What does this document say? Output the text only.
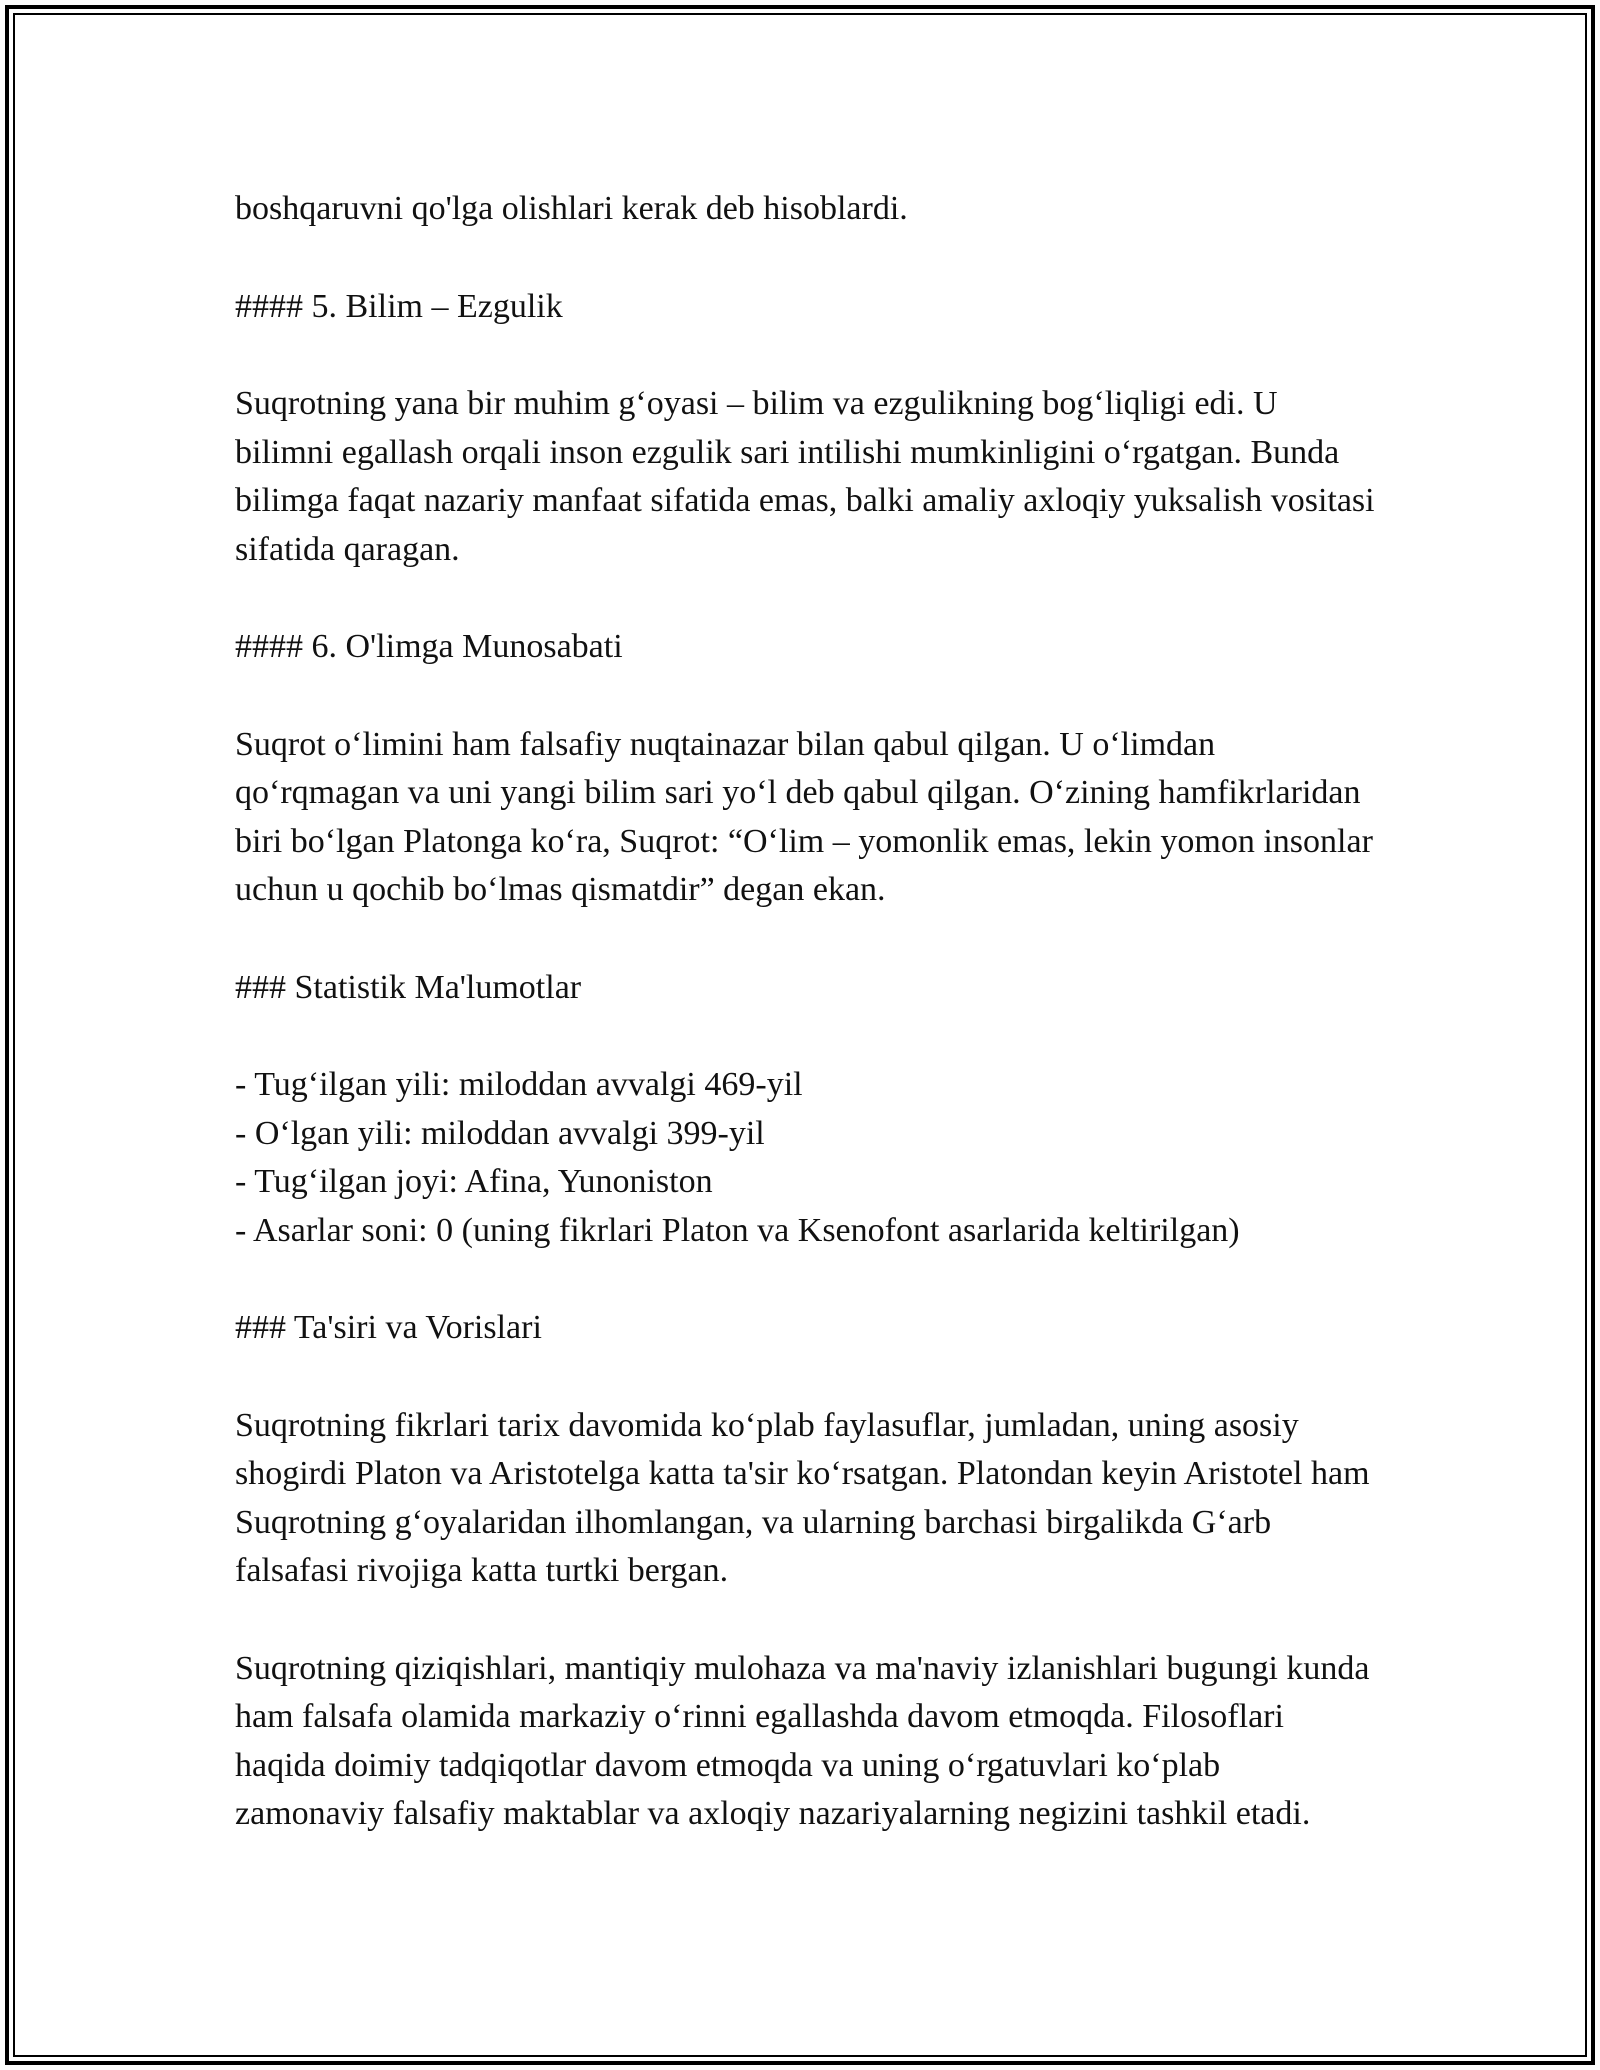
boshqaruvni qo'lga olishlari kerak deb hisoblardi.

#### 5. Bilim – Ezgulik

Suqrotning yana bir muhim g‘oyasi – bilim va ezgulikning bog‘liqligi edi. U bilimni egallash orqali inson ezgulik sari intilishi mumkinligini o‘rgatgan. Bunda bilimga faqat nazariy manfaat sifatida emas, balki amaliy axloqiy yuksalish vositasi sifatida qaragan.

#### 6. O'limga Munosabati

Suqrot o‘limini ham falsafiy nuqtainazar bilan qabul qilgan. U o‘limdan qo‘rqmagan va uni yangi bilim sari yo‘l deb qabul qilgan. O‘zining hamfikrlaridan biri bo‘lgan Platonga ko‘ra, Suqrot: “O‘lim – yomonlik emas, lekin yomon insonlar uchun u qochib bo‘lmas qismatdir” degan ekan.

### Statistik Ma'lumotlar

- Tug‘ilgan yili: miloddan avvalgi 469-yil
- O‘lgan yili: miloddan avvalgi 399-yil
- Tug‘ilgan joyi: Afina, Yunoniston
- Asarlar soni: 0 (uning fikrlari Platon va Ksenofont asarlarida keltirilgan)

### Ta'siri va Vorislari

Suqrotning fikrlari tarix davomida ko‘plab faylasuflar, jumladan, uning asosiy shogirdi Platon va Aristotelga katta ta'sir ko‘rsatgan. Platondan keyin Aristotel ham Suqrotning g‘oyalaridan ilhomlangan, va ularning barchasi birgalikda G‘arb falsafasi rivojiga katta turtki bergan.

Suqrotning qiziqishlari, mantiqiy mulohaza va ma'naviy izlanishlari bugungi kunda ham falsafa olamida markaziy o‘rinni egallashda davom etmoqda. Filosoflari haqida doimiy tadqiqotlar davom etmoqda va uning o‘rgatuvlari ko‘plab zamonaviy falsafiy maktablar va axloqiy nazariyalarning negizini tashkil etadi.
